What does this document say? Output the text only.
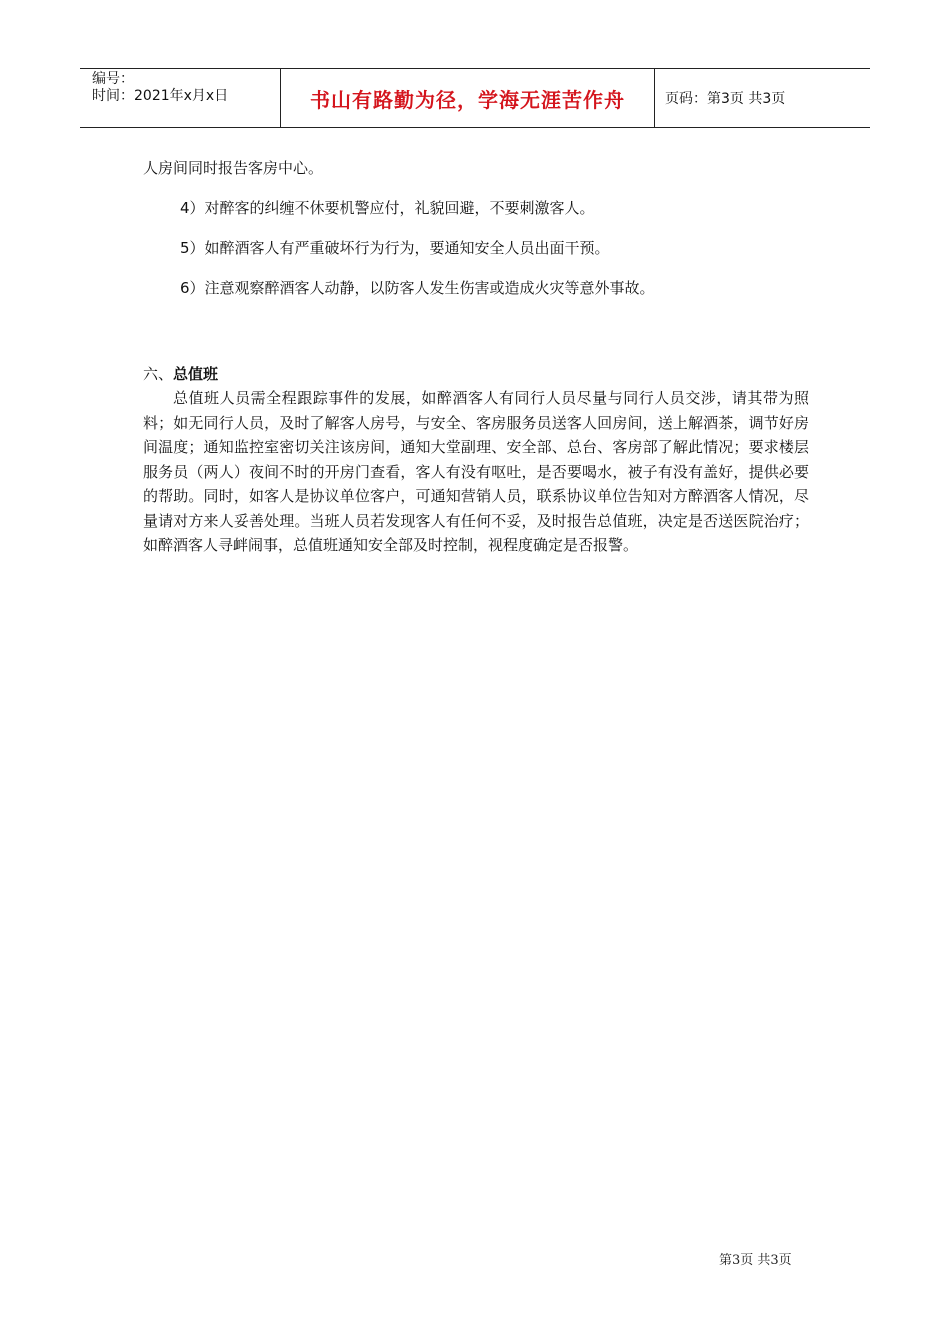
编号：
时间：2021年x月x日	书山有路勤为径，学海无涯苦作舟	页码：第3页 共3页

人房间同时报告客房中心。

4）对醉客的纠缠不休要机警应付，礼貌回避，不要刺激客人。
5）如醉酒客人有严重破坏行为行为，要通知安全人员出面干预。
6）注意观察醉酒客人动静，以防客人发生伤害或造成火灾等意外事故。
六、总值班

总值班人员需全程跟踪事件的发展，如醉酒客人有同行人员尽量与同行人员交涉，请其带为照料；如无同行人员，及时了解客人房号，与安全、客房服务员送客人回房间，送上解酒茶，调节好房间温度；通知监控室密切关注该房间，通知大堂副理、安全部、总台、客房部了解此情况；要求楼层服务员（两人）夜间不时的开房门查看，客人有没有呕吐，是否要喝水，被子有没有盖好，提供必要的帮助。同时，如客人是协议单位客户，可通知营销人员，联系协议单位告知对方醉酒客人情况，尽量请对方来人妥善处理。当班人员若发现客人有任何不妥，及时报告总值班，决定是否送医院治疗；如醉酒客人寻衅闹事，总值班通知安全部及时控制，视程度确定是否报警。

第3页 共3页
